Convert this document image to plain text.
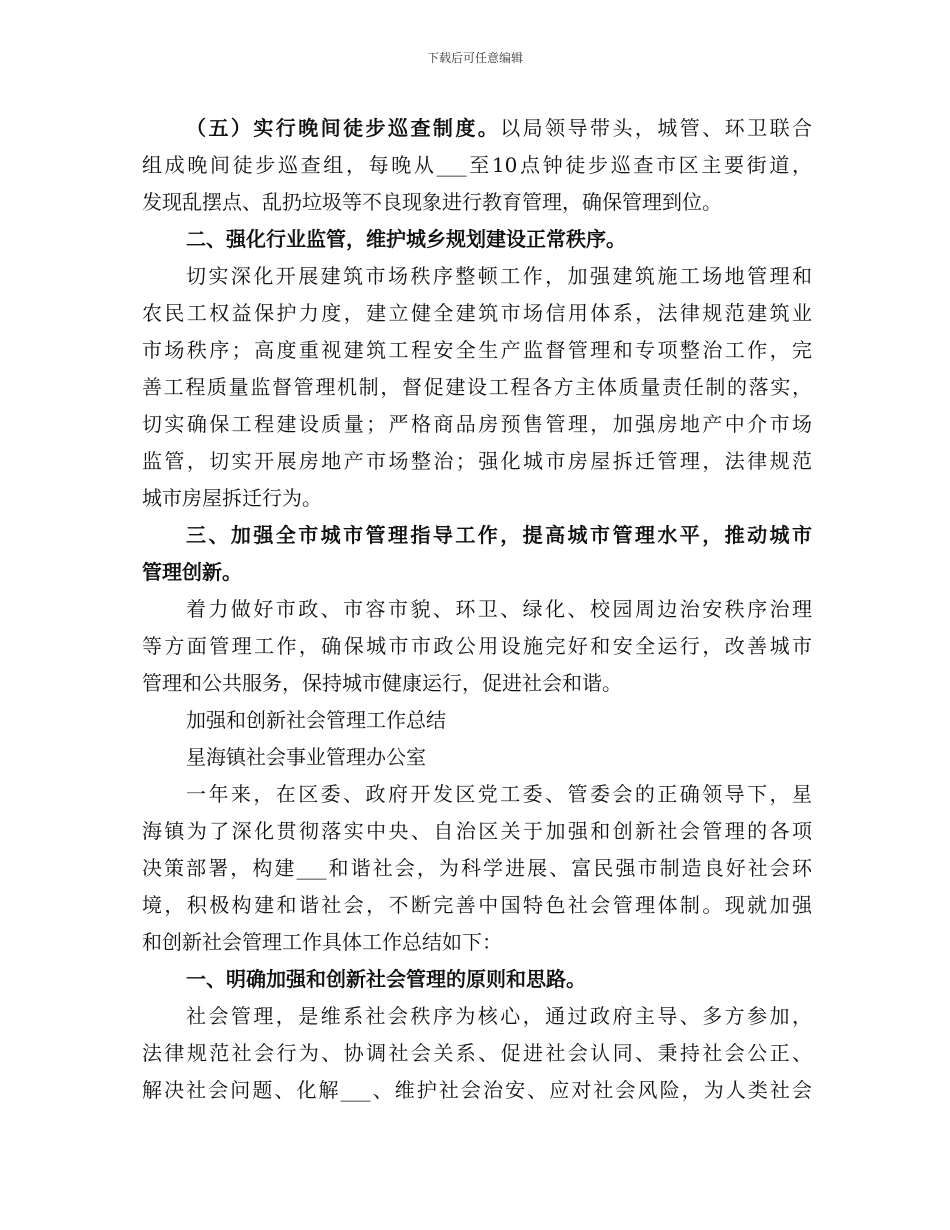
下载后可任意编辑
（五）实行晚间徒步巡查制度。以局领导带头，城管、环卫联合
组成晚间徒步巡查组，每晚从___至10点钟徒步巡查市区主要街道，
发现乱摆点、乱扔垃圾等不良现象进行教育管理，确保管理到位。
二、强化行业监管，维护城乡规划建设正常秩序。
切实深化开展建筑市场秩序整顿工作，加强建筑施工场地管理和
农民工权益保护力度，建立健全建筑市场信用体系，法律规范建筑业
市场秩序；高度重视建筑工程安全生产监督管理和专项整治工作，完
善工程质量监督管理机制，督促建设工程各方主体质量责任制的落实，
切实确保工程建设质量；严格商品房预售管理，加强房地产中介市场
监管，切实开展房地产市场整治；强化城市房屋拆迁管理，法律规范
城市房屋拆迁行为。
三、加强全市城市管理指导工作，提高城市管理水平，推动城市
管理创新。
着力做好市政、市容市貌、环卫、绿化、校园周边治安秩序治理
等方面管理工作，确保城市市政公用设施完好和安全运行，改善城市
管理和公共服务，保持城市健康运行，促进社会和谐。
加强和创新社会管理工作总结
星海镇社会事业管理办公室
一年来，在区委、政府开发区党工委、管委会的正确领导下，星
海镇为了深化贯彻落实中央、自治区关于加强和创新社会管理的各项
决策部署，构建___和谐社会，为科学进展、富民强市制造良好社会环
境，积极构建和谐社会，不断完善中国特色社会管理体制。现就加强
和创新社会管理工作具体工作总结如下：
一、明确加强和创新社会管理的原则和思路。
社会管理，是维系社会秩序为核心，通过政府主导、多方参加，
法律规范社会行为、协调社会关系、促进社会认同、秉持社会公正、
解决社会问题、化解___、维护社会治安、应对社会风险，为人类社会
